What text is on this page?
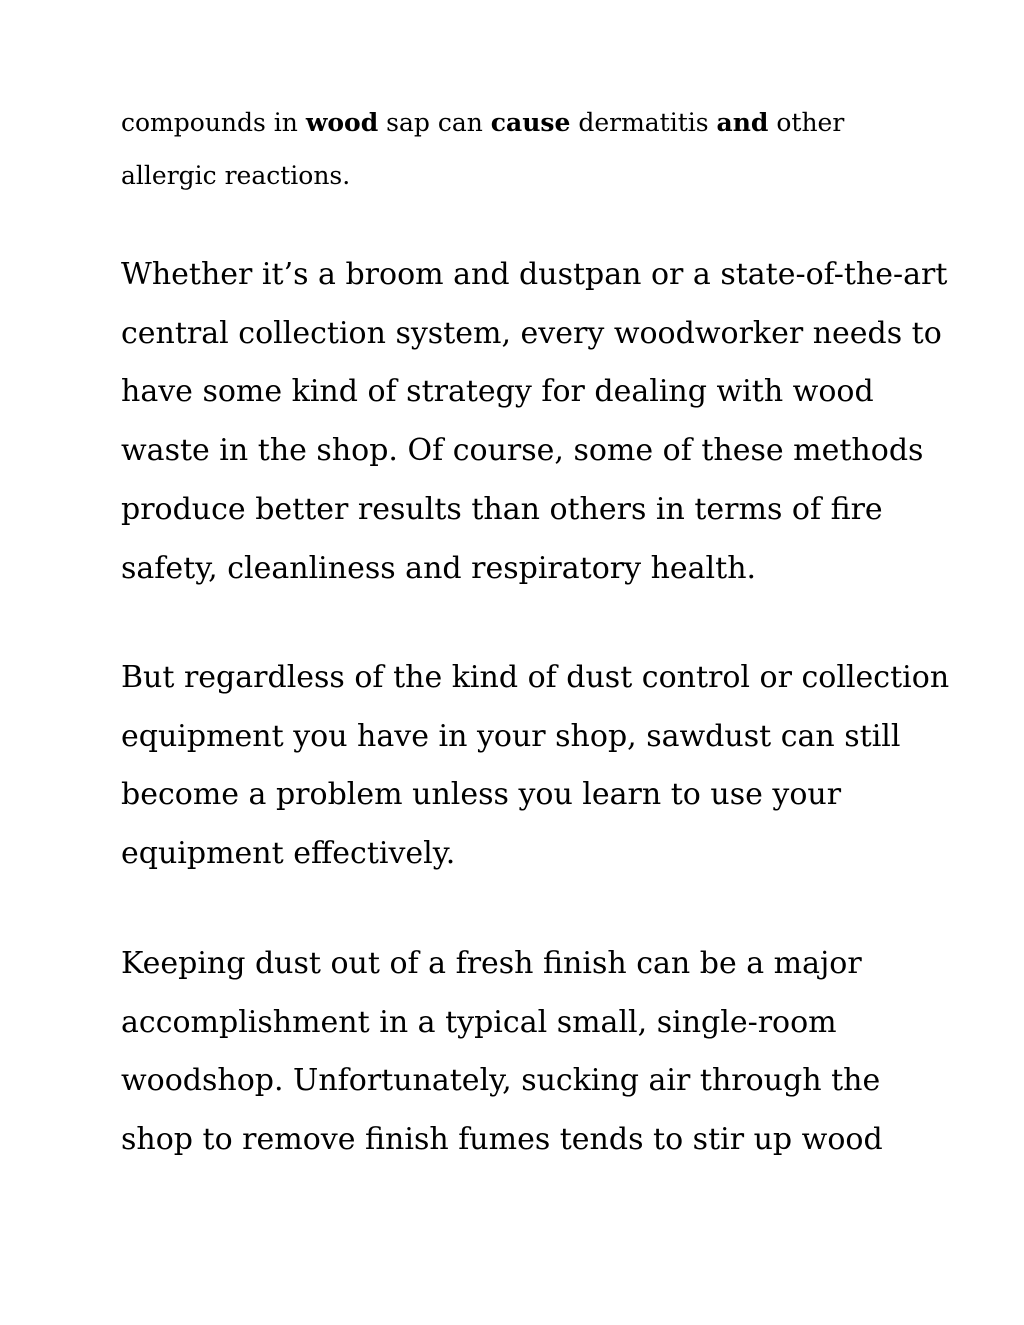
compounds in wood sap can cause dermatitis and other
allergic reactions.

Whether it’s a broom and dustpan or a state-of-the-art
central collection system, every woodworker needs to
have some kind of strategy for dealing with wood
waste in the shop. Of course, some of these methods
produce better results than others in terms of fire
safety, cleanliness and respiratory health.

But regardless of the kind of dust control or collection
equipment you have in your shop, sawdust can still
become a problem unless you learn to use your
equipment effectively.

Keeping dust out of a fresh finish can be a major
accomplishment in a typical small, single-room
woodshop. Unfortunately, sucking air through the
shop to remove finish fumes tends to stir up wood
